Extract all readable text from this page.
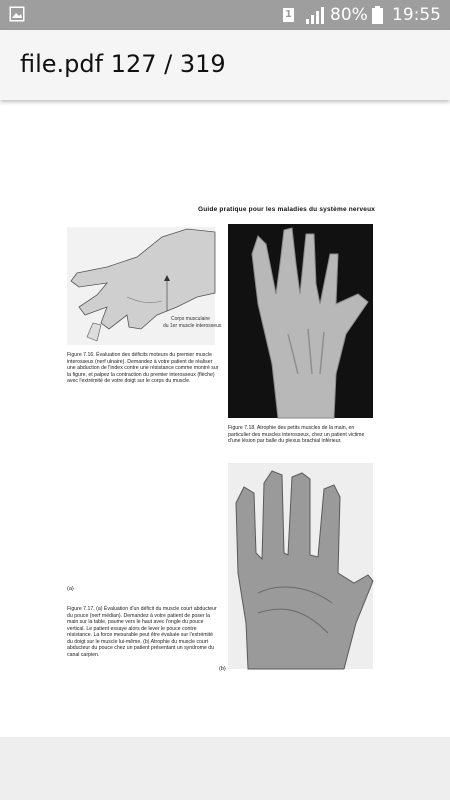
1 80% 19:55
file.pdf 127 / 319
Guide pratique pour les maladies du système nerveux
Corps musculaire
du 1er muscle interosseux
Figure 7.16. Évaluation des déficits moteurs du premier muscle interosseux (nerf ulnaire). Demandez à votre patient de réaliser une abduction de l'index contre une résistance comme montré sur la figure, et palpez la contraction du premier interosseux (flèche) avec l'extrémité de votre doigt sur le corps du muscle.
Figure 7.18. Atrophie des petits muscles de la main, en particulier des muscles interosseux, chez un patient victime d'une lésion par balle du plexus brachial inférieur.
(a)
Figure 7.17. (a) Évaluation d'un déficit du muscle court abducteur du pouce (nerf médian). Demandez à votre patient de poser la main sur la table, paume vers le haut avec l'ongle du pouce vertical. Le patient essaye alors de lever le pouce contre résistance. La force mesurable peut être évaluée sur l'extrémité du doigt sur le muscle lui-même. (b) Atrophie du muscle court abducteur du pouce chez un patient présentant un syndrome du canal carpien.
(b)
